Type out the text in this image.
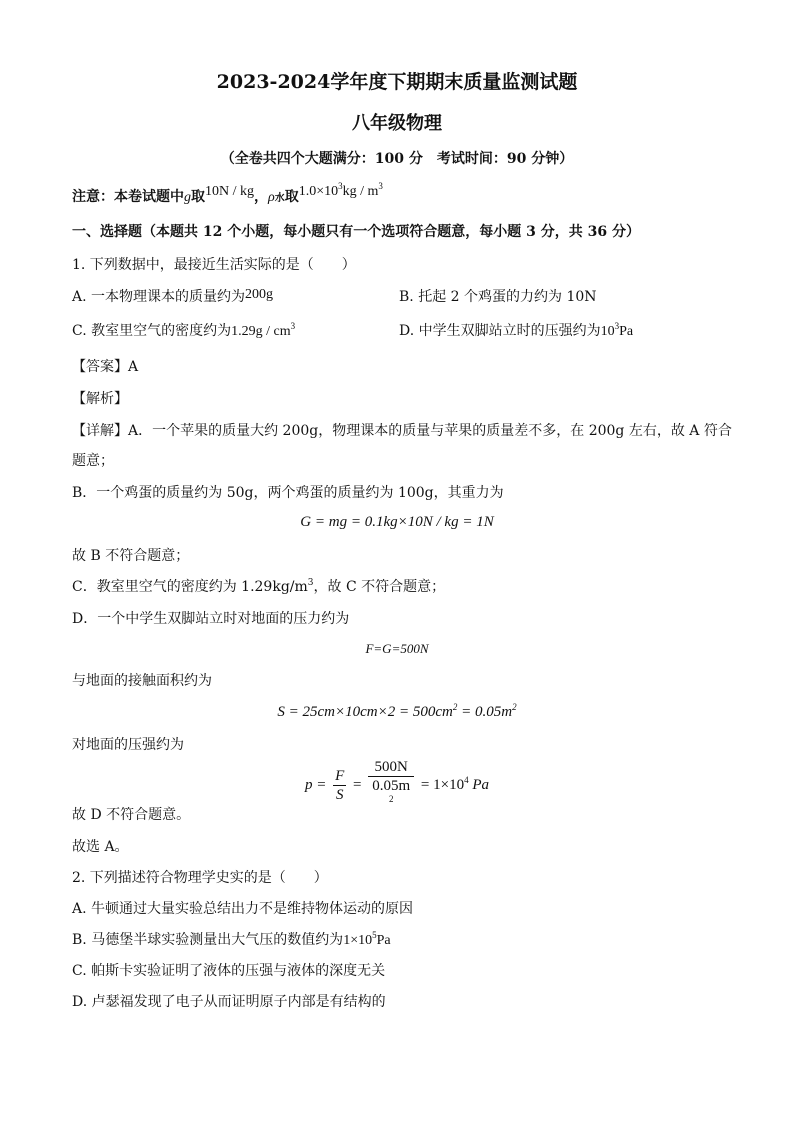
2023-2024学年度下期期末质量监测试题
八年级物理
（全卷共四个大题满分：100 分　考试时间：90 分钟）
注意：本卷试题中g取10N / kg，ρ水取$1.0\times 10^3kg / m^3$
一、选择题（本题共 12 个小题，每小题只有一个选项符合题意，每小题 3 分，共 36 分）
1. 下列数据中，最接近生活实际的是（　　）
A. 一本物理课本的质量约为200g	B. 托起 2 个鸡蛋的力约为 10N
C. 教室里空气的密度约为$1.29g / cm^3$	D. 中学生双脚站立时的压强约为$10^3Pa$
【答案】A
【解析】
【详解】A．一个苹果的质量大约 200g，物理课本的质量与苹果的质量差不多，在 200g 左右，故 A 符合
题意；
B．一个鸡蛋的质量约为 50g，两个鸡蛋的质量约为 100g，其重力为
G = mg = 0.1kg×10N / kg = 1N
故 B 不符合题意；
C．教室里空气的密度约为 $1.29kg/m^3$，故 C 不符合题意；
D．一个中学生双脚站立时对地面的压力约为
F=G=500N
与地面的接触面积约为
$S = 25cm\times 10cm\times 2 = 500cm^2 = 0.05m^2$
对地面的压强约为
$p = \frac{F}{S} = 500N$
0.05m
$^2 = 1\times 10^4$ Pa
故 D 不符合题意。
故选 A。
2. 下列描述符合物理学史实的是（　　）
A. 牛顿通过大量实验总结出力不是维持物体运动的原因
B. 马德堡半球实验测量出大气压的数值约为$1\times 10^5Pa$
C. 帕斯卡实验证明了液体的压强与液体的深度无关
D. 卢瑟福发现了电子从而证明原子内部是有结构的
